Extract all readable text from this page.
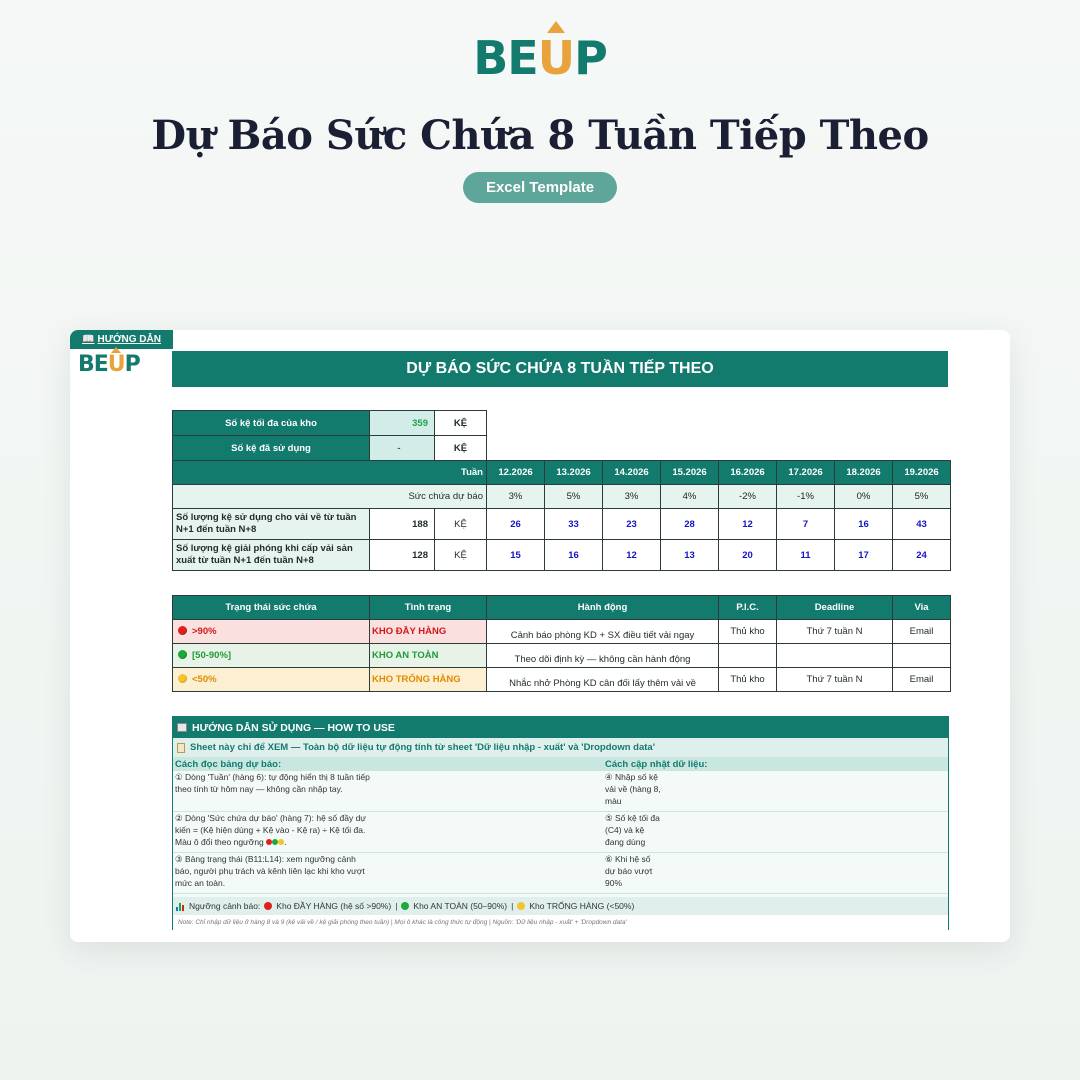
BE U P
Dự Báo Sức Chứa 8 Tuần Tiếp Theo
Excel Template
📖 HƯỚNG DẪN
BE U P	DỰ BÁO SỨC CHỨA 8 TUẦN TIẾP THEO
Số kệ tối đa của kho	359	KỆ
Số kệ đã sử dụng	-	KỆ
Tuần			12.2026	13.2026	14.2026	15.2026	16.2026	17.2026	18.2026	19.2026
Sức chứa dự báo			3%	5%	3%	4%	-2%	-1%	0%	5%
Số lượng kệ sử dụng cho vải về từ tuần N+1 đến tuần N+8	188	KỆ	26	33	23	28	12	7	16	43
Số lượng kệ giải phóng khi cấp vải sản xuất từ tuần N+1 đến tuần N+8	128	KỆ	15	16	12	13	20	11	17	24
Trạng thái sức chứa	Tình trạng	Hành động	P.I.C.	Deadline	Via
>90%	KHO ĐẦY HÀNG	Cảnh báo phòng KD + SX điều tiết vải ngay	Thủ kho	Thứ 7 tuần N	Email
[50-90%]	KHO AN TOÀN	Theo dõi định kỳ — không cần hành động			
<50%	KHO TRỐNG HÀNG	Nhắc nhở Phòng KD cân đối lấy thêm vải về	Thủ kho	Thứ 7 tuần N	Email
HƯỚNG DẪN SỬ DỤNG — HOW TO USE
Sheet này chỉ để XEM — Toàn bộ dữ liệu tự động tính từ sheet 'Dữ liệu nhập - xuất' và 'Dropdown data'
Cách đọc bảng dự báo:
① Dòng 'Tuần' (hàng 6): tự động hiển thị 8 tuần tiếp theo tính từ hôm nay — không cần nhập tay.
② Dòng 'Sức chứa dự báo' (hàng 7): hệ số đầy dự kiến = (Kệ hiện dùng + Kệ vào - Kệ ra) ÷ Kệ tối đa. Màu ô đổi theo ngưỡng .
③ Bảng trạng thái (B11:L14): xem ngưỡng cảnh báo, người phụ trách và kênh liên lạc khi kho vượt mức an toàn.
Cách cập nhật dữ liệu:
④ Nhập số kệ vải về (hàng 8, màu
⑤ Số kệ tối đa (C4) và kệ đang dùng
⑥ Khi hệ số dự báo vượt 90%
Ngưỡng cảnh báo: Kho ĐẦY HÀNG (hệ số >90%) | Kho AN TOÀN (50–90%) | Kho TRỐNG HÀNG (<50%)
Note: Chỉ nhập dữ liệu ở hàng 8 và 9 (kệ vải về / kệ giải phóng theo tuần) | Mọi ô khác là công thức tự động | Nguồn: 'Dữ liệu nhập - xuất' + 'Dropdown data'
